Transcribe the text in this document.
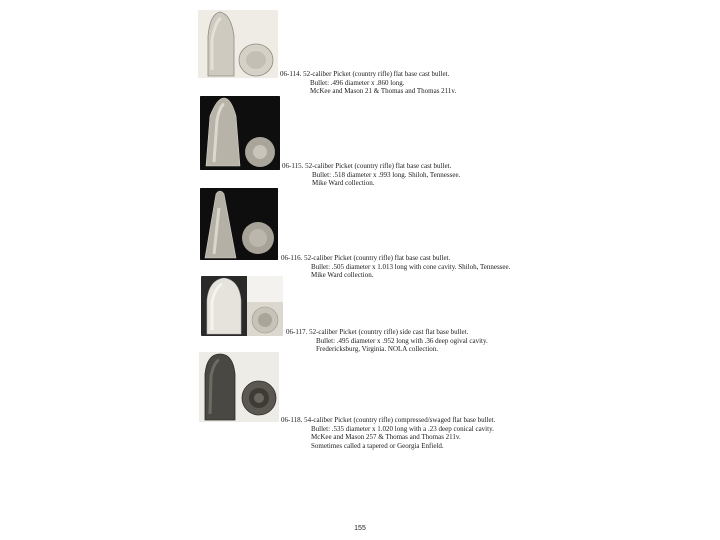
06-114. 52-caliber Picket (country rifle) flat base cast bullet.
Bullet: .496 diameter x .860 long.
McKee and Mason 21 & Thomas and Thomas 211v.
06-115. 52-caliber Picket (country rifle) flat base cast bullet.
Bullet: .518 diameter x .993 long. Shiloh, Tennessee.
Mike Ward collection.
06-116. 52-caliber Picket (country rifle) flat base cast bullet.
Bullet: .505 diameter x 1.013 long with cone cavity. Shiloh, Tennessee.
Mike Ward collection.
06-117. 52-caliber Picket (country rifle) side cast flat base bullet.
Bullet: .495 diameter x .952 long with .36 deep ogival cavity.
Fredericksburg, Virginia. NOLA collection.
06-118. 54-caliber Picket (country rifle) compressed/swaged flat base bullet.
Bullet: .535 diameter x 1.020 long with a .23 deep conical cavity.
McKee and Mason 257 & Thomas and Thomas 211v.
Sometimes called a tapered or Georgia Enfield.
155
